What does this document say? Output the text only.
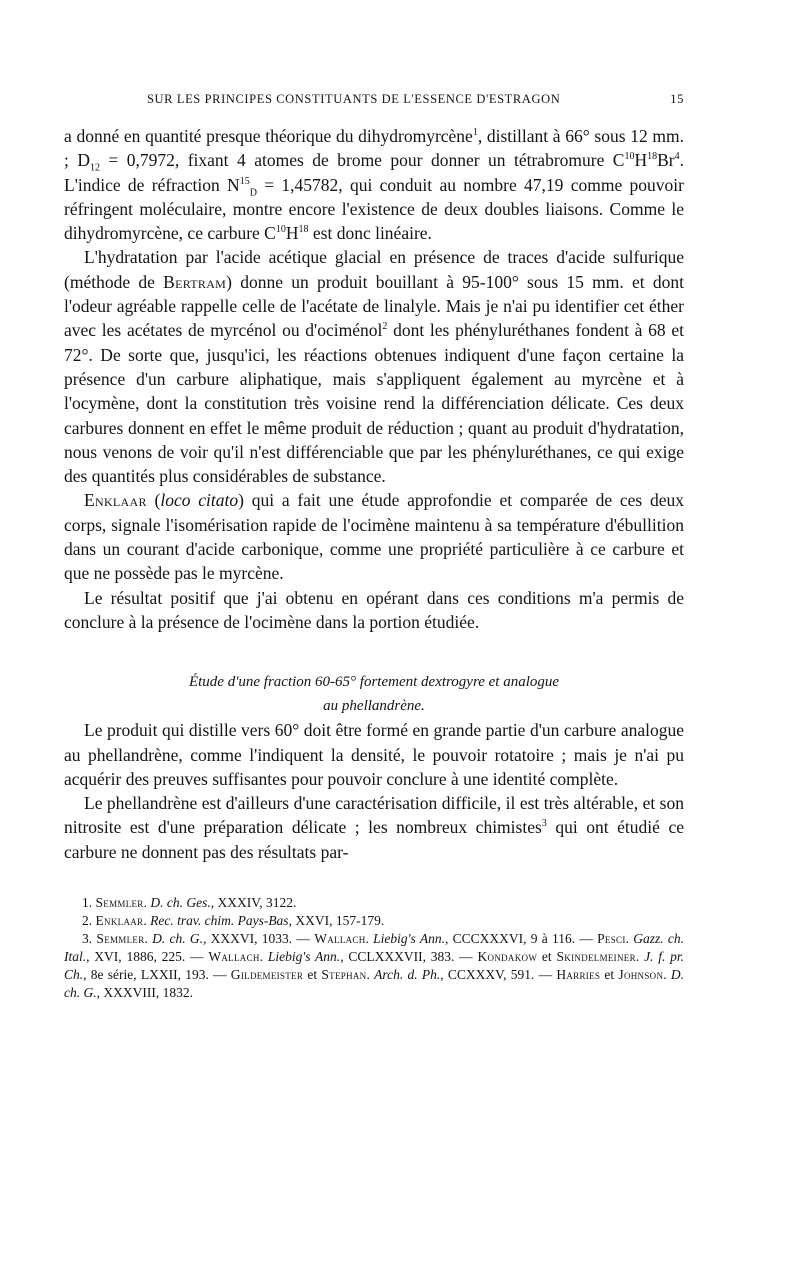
SUR LES PRINCIPES CONSTITUANTS DE L'ESSENCE D'ESTRAGON	15

a donné en quantité presque théorique du dihydromyrcène$^1$, distillant à 66° sous 12 mm. ; $D_{12} = 0,7972$, fixant 4 atomes de brome pour donner un tétrabromure $C^{10}H^{18}Br^4$. L'indice de réfraction $N^{15}_D = 1,45782$, qui conduit au nombre 47,19 comme pouvoir réfringent moléculaire, montre encore l'existence de deux doubles liaisons. Comme le dihydromyrcène, ce carbure $C^{10}H^{18}$ est donc linéaire.

L'hydratation par l'acide acétique glacial en présence de traces d'acide sulfurique (méthode de Bertram) donne un produit bouillant à 95-100° sous 15 mm. et dont l'odeur agréable rappelle celle de l'acétate de linalyle. Mais je n'ai pu identifier cet éther avec les acétates de myrcénol ou d'ociménol$^2$ dont les phényluréthanes fondent à 68 et 72°. De sorte que, jusqu'ici, les réactions obtenues indiquent d'une façon certaine la présence d'un carbure aliphatique, mais s'appliquent également au myrcène et à l'ocymène, dont la constitution très voisine rend la différenciation délicate. Ces deux carbures donnent en effet le même produit de réduction ; quant au produit d'hydratation, nous venons de voir qu'il n'est différenciable que par les phényluréthanes, ce qui exige des quantités plus considérables de substance.

Enklaar (loco citato) qui a fait une étude approfondie et comparée de ces deux corps, signale l'isomérisation rapide de l'ocimène maintenu à sa température d'ébullition dans un courant d'acide carbonique, comme une propriété particulière à ce carbure et que ne possède pas le myrcène.

Le résultat positif que j'ai obtenu en opérant dans ces conditions m'a permis de conclure à la présence de l'ocimène dans la portion étudiée.

Étude d'une fraction 60-65° fortement dextrogyre et analogue
au phellandrène.

Le produit qui distille vers 60° doit être formé en grande partie d'un carbure analogue au phellandrène, comme l'indiquent la densité, le pouvoir rotatoire ; mais je n'ai pu acquérir des preuves suffisantes pour pouvoir conclure à une identité complète.

Le phellandrène est d'ailleurs d'une caractérisation difficile, il est très altérable, et son nitrosite est d'une préparation délicate ; les nombreux chimistes$^3$ qui ont étudié ce carbure ne donnent pas des résultats par-

1. Semmler. D. ch. Ges., XXXIV, 3122.

2. Enklaar. Rec. trav. chim. Pays-Bas, XXVI, 157-179.

3. Semmler. D. ch. G., XXXVI, 1033. — Wallach. Liebig's Ann., CCCXXXVI, 9 à 116. — Pesci. Gazz. ch. Ital., XVI, 1886, 225. — Wallach. Liebig's Ann., CCLXXXVII, 383. — Kondakow et Skindelmeiner. J. f. pr. Ch., 8e série, LXXII, 193. — Gildemeister et Stephan. Arch. d. Ph., CCXXXV, 591. — Harries et Johnson. D. ch. G., XXXVIII, 1832.
